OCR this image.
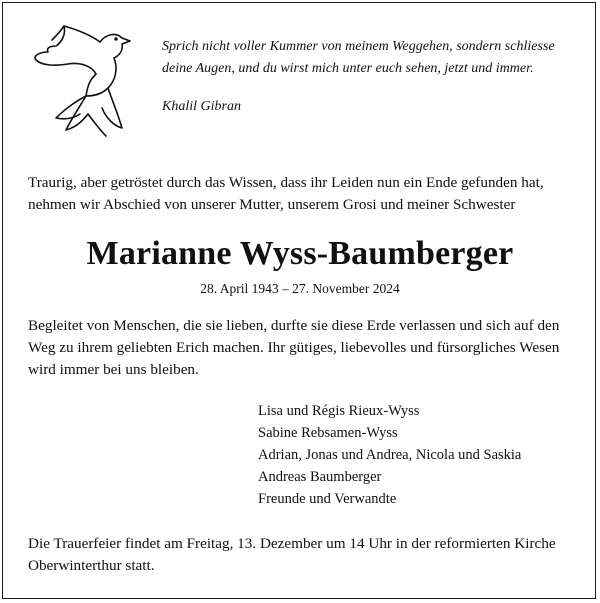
Sprich nicht voller Kummer von meinem Weggehen, sondern schliesse deine Augen, und du wirst mich unter euch sehen, jetzt und immer.

Khalil Gibran
Traurig, aber getröstet durch das Wissen, dass ihr Leiden nun ein Ende gefunden hat, nehmen wir Abschied von unserer Mutter, unserem Grosi und meiner Schwester
Marianne Wyss-Baumberger
28. April 1943 – 27. November 2024
Begleitet von Menschen, die sie lieben, durfte sie diese Erde verlassen und sich auf den Weg zu ihrem geliebten Erich machen. Ihr gütiges, liebevolles und fürsorgliches Wesen wird immer bei uns bleiben.
Lisa und Régis Rieux-Wyss
Sabine Rebsamen-Wyss
Adrian, Jonas und Andrea, Nicola und Saskia
Andreas Baumberger
Freunde und Verwandte
Die Trauerfeier findet am Freitag, 13. Dezember um 14 Uhr in der reformierten Kirche Oberwinterthur statt.
